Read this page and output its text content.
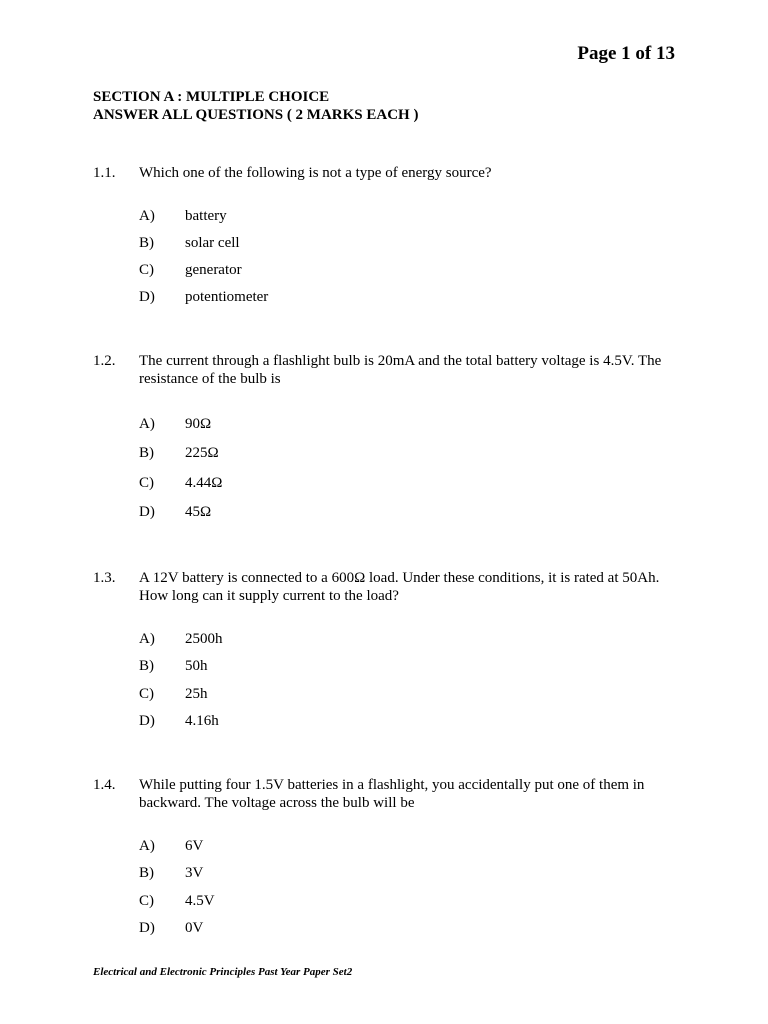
Page 1 of 13
SECTION A : MULTIPLE CHOICE
ANSWER ALL QUESTIONS ( 2 MARKS EACH )
1.1. Which one of the following is not a type of energy source?
A) battery
B) solar cell
C) generator
D) potentiometer
1.2. The current through a flashlight bulb is 20mA and the total battery voltage is 4.5V. The resistance of the bulb is
A) 90Ω
B) 225Ω
C) 4.44Ω
D) 45Ω
1.3. A 12V battery is connected to a 600Ω load. Under these conditions, it is rated at 50Ah. How long can it supply current to the load?
A) 2500h
B) 50h
C) 25h
D) 4.16h
1.4. While putting four 1.5V batteries in a flashlight, you accidentally put one of them in backward. The voltage across the bulb will be
A) 6V
B) 3V
C) 4.5V
D) 0V
Electrical and Electronic Principles Past Year Paper Set2
